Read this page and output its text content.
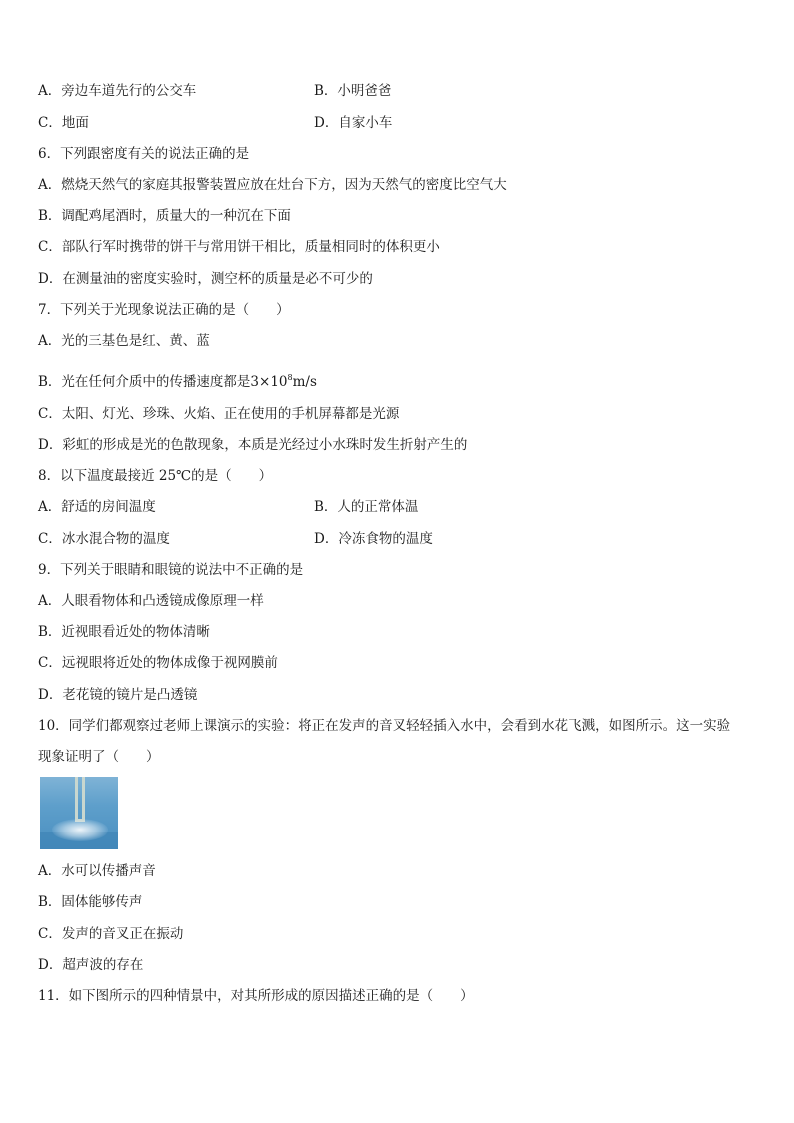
A．旁边车道先行的公交车	B．小明爸爸
C．地面	D．自家小车
6．下列跟密度有关的说法正确的是
A．燃烧天然气的家庭其报警装置应放在灶台下方，因为天然气的密度比空气大
B．调配鸡尾酒时，质量大的一种沉在下面
C．部队行军时携带的饼干与常用饼干相比，质量相同时的体积更小
D．在测量油的密度实验时，测空杯的质量是必不可少的
7．下列关于光现象说法正确的是（　　）
A．光的三基色是红、黄、蓝
B．光在任何介质中的传播速度都是$3\times 10^8m/s$
C．太阳、灯光、珍珠、火焰、正在使用的手机屏幕都是光源
D．彩虹的形成是光的色散现象，本质是光经过小水珠时发生折射产生的
8．以下温度最接近 25℃的是（　　）
A．舒适的房间温度	B．人的正常体温
C．冰水混合物的温度	D．冷冻食物的温度
9．下列关于眼睛和眼镜的说法中不正确的是
A．人眼看物体和凸透镜成像原理一样
B．近视眼看近处的物体清晰
C．远视眼将近处的物体成像于视网膜前
D．老花镜的镜片是凸透镜
10．同学们都观察过老师上课演示的实验：将正在发声的音叉轻轻插入水中，会看到水花飞溅，如图所示。这一实验
现象证明了（　　）
A．水可以传播声音
B．固体能够传声
C．发声的音叉正在振动
D．超声波的存在
11．如下图所示的四种情景中，对其所形成的原因描述正确的是（　　）
